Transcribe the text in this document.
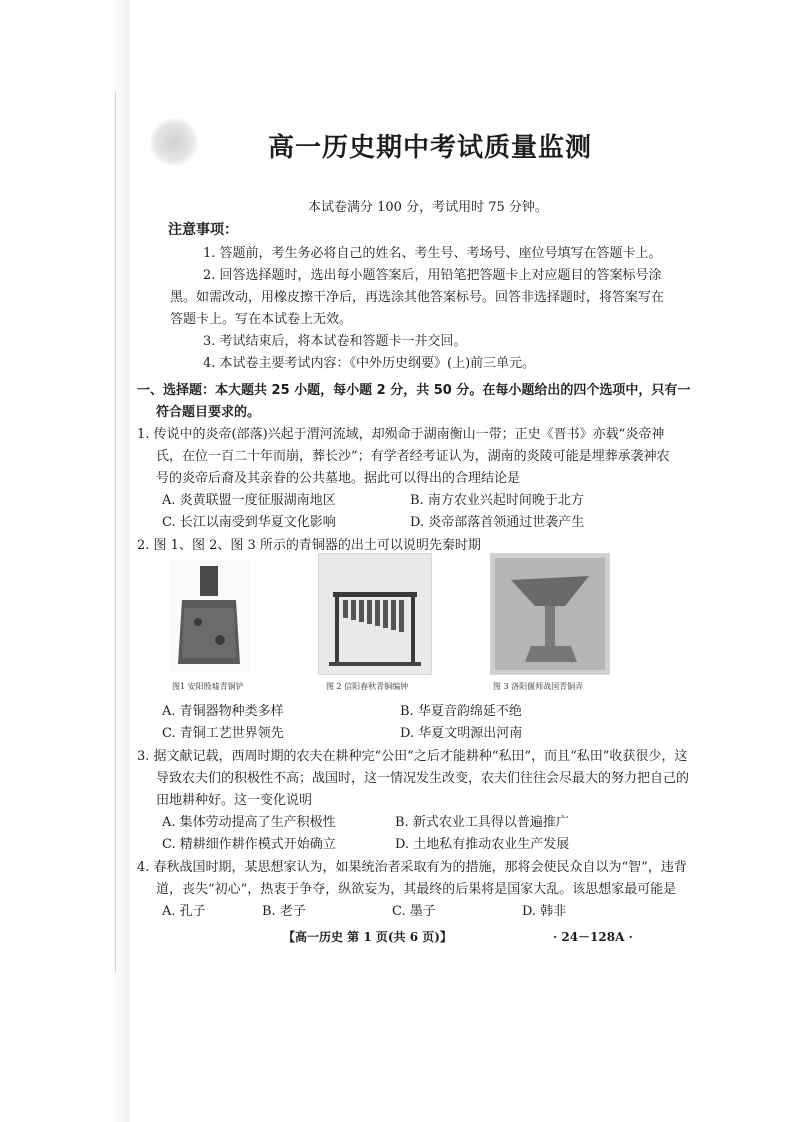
高一历史期中考试质量监测
本试卷满分 100 分，考试用时 75 分钟。
注意事项：
1. 答题前，考生务必将自己的姓名、考生号、考场号、座位号填写在答题卡上。
2. 回答选择题时，选出每小题答案后，用铅笔把答题卡上对应题目的答案标号涂
黑。如需改动，用橡皮擦干净后，再选涂其他答案标号。回答非选择题时，将答案写在
答题卡上。写在本试卷上无效。
3. 考试结束后，将本试卷和答题卡一并交回。
4. 本试卷主要考试内容：《中外历史纲要》(上)前三单元。
一、选择题：本大题共 25 小题，每小题 2 分，共 50 分。在每小题给出的四个选项中，只有一
符合题目要求的。
1. 传说中的炎帝(部落)兴起于渭河流域，却殒命于湖南衡山一带；正史《晋书》亦载“炎帝神
氏，在位一百二十年而崩，葬长沙”；有学者经考证认为，湖南的炎陵可能是埋葬承袭神农
号的炎帝后裔及其亲眷的公共墓地。据此可以得出的合理结论是
A. 炎黄联盟一度征服湖南地区	B. 南方农业兴起时间晚于北方
C. 长江以南受到华夏文化影响	D. 炎帝部落首领通过世袭产生
2. 图 1、图 2、图 3 所示的青铜器的出土可以说明先秦时期
图1 安阳殷墟青铜铲	图 2 信阳春秋青铜编钟	图 3 洛阳偃师战国青铜弄
A. 青铜器物种类多样	B. 华夏音韵绵延不绝
C. 青铜工艺世界领先	D. 华夏文明源出河南
3. 据文献记载，西周时期的农夫在耕种完“公田”之后才能耕种“私田”，而且“私田”收获很少，这
导致农夫们的积极性不高；战国时，这一情况发生改变，农夫们往往会尽最大的努力把自己的
田地耕种好。这一变化说明
A. 集体劳动提高了生产积极性	B. 新式农业工具得以普遍推广
C. 精耕细作耕作模式开始确立	D. 土地私有推动农业生产发展
4. 春秋战国时期，某思想家认为，如果统治者采取有为的措施，那将会使民众自以为“智”，违背
道，丧失“初心”，热衷于争夺，纵欲妄为，其最终的后果将是国家大乱。该思想家最可能是
A. 孔子	B. 老子	C. 墨子	D. 韩非
【高一历史 第 1 页(共 6 页)】	· 24－128A ·
